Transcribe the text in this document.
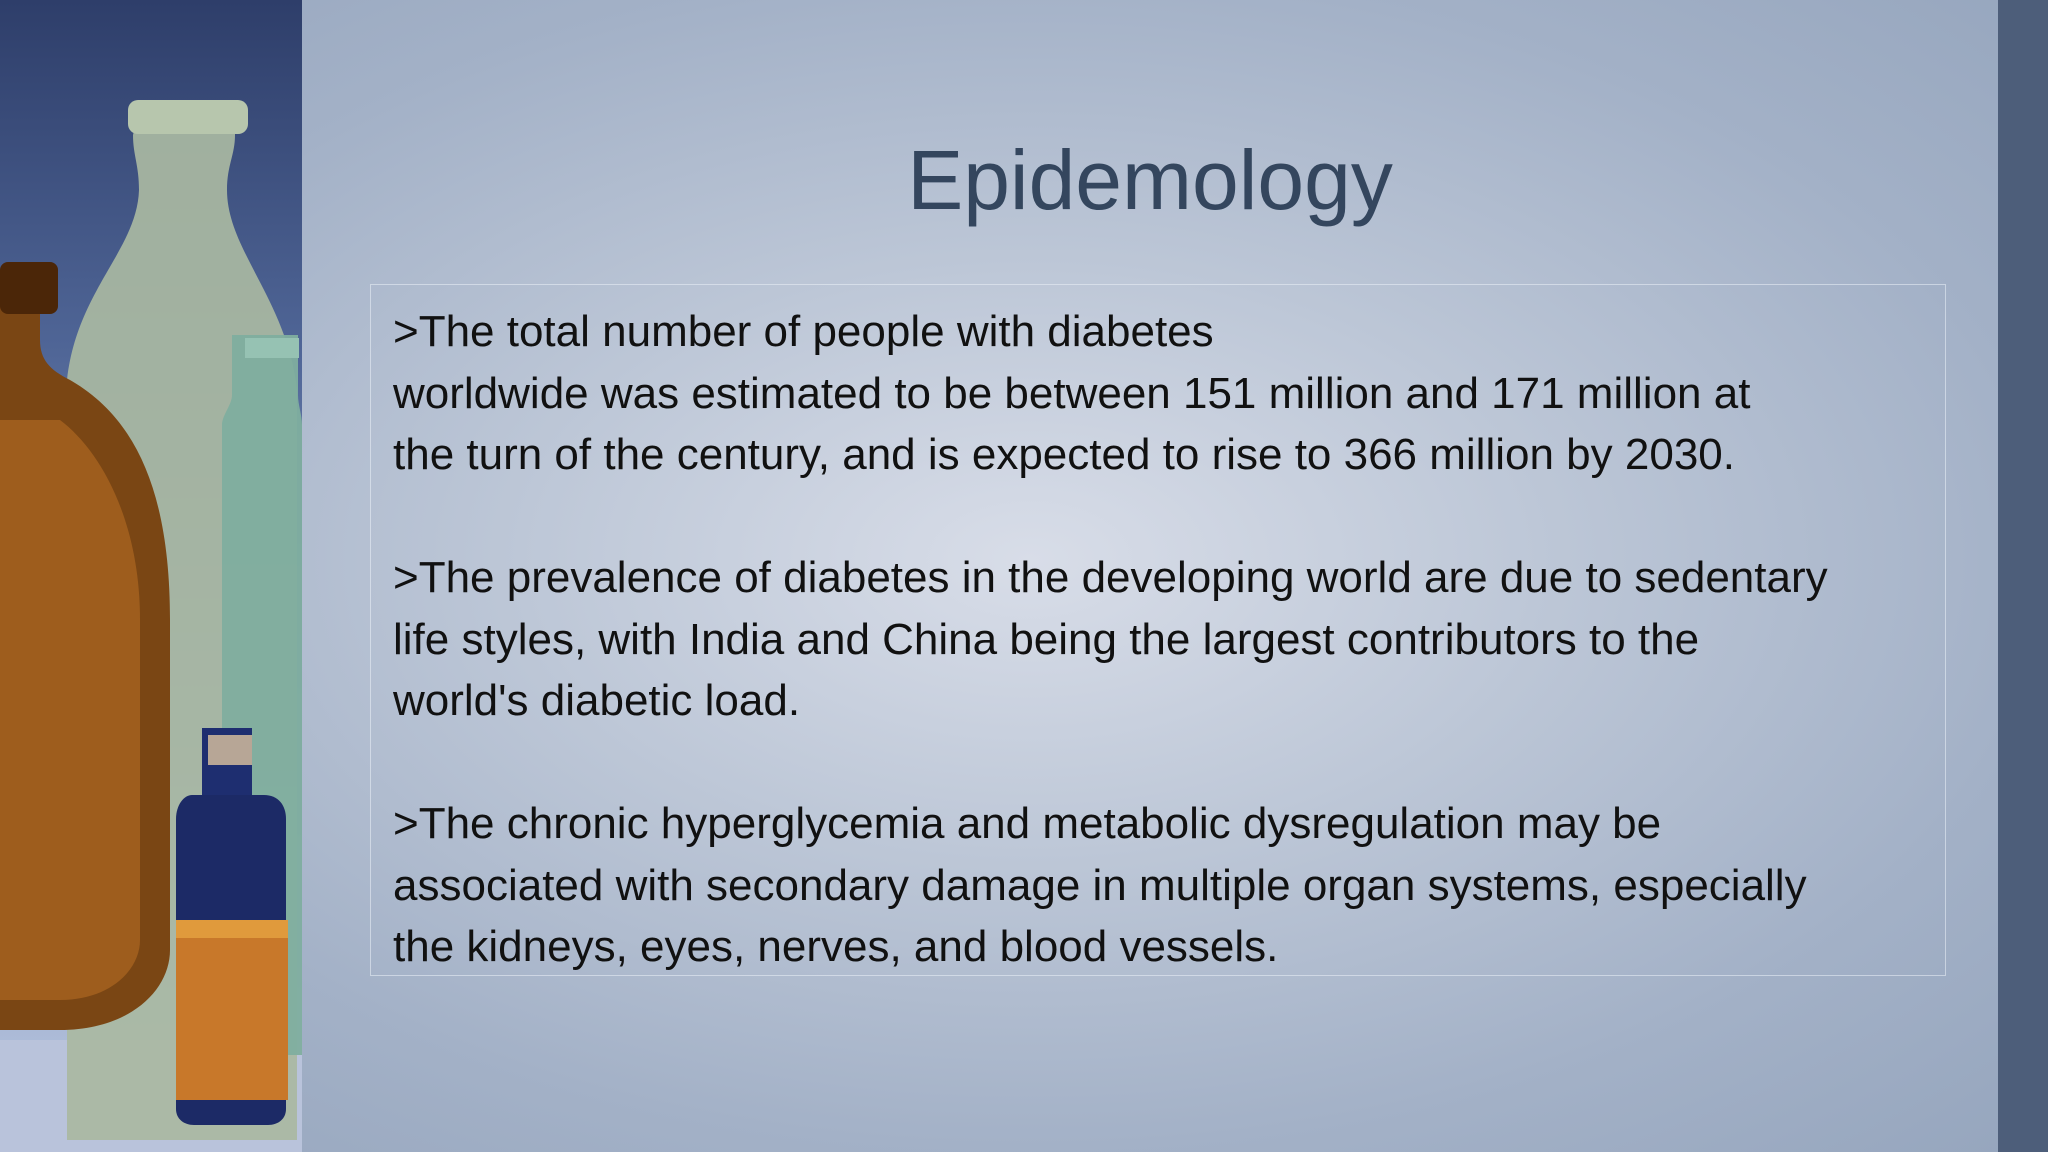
Epidemology

>The total number of people with diabetes
worldwide was estimated to be between 151 million and 171 million at
the turn of the century, and is expected to rise to 366 million by 2030.

>The prevalence of diabetes in the developing world are due to sedentary
life styles, with India and China being the largest contributors to the
world's diabetic load.

>The chronic hyperglycemia and metabolic dysregulation may be
associated with secondary damage in multiple organ systems, especially
the kidneys, eyes, nerves, and blood vessels.
